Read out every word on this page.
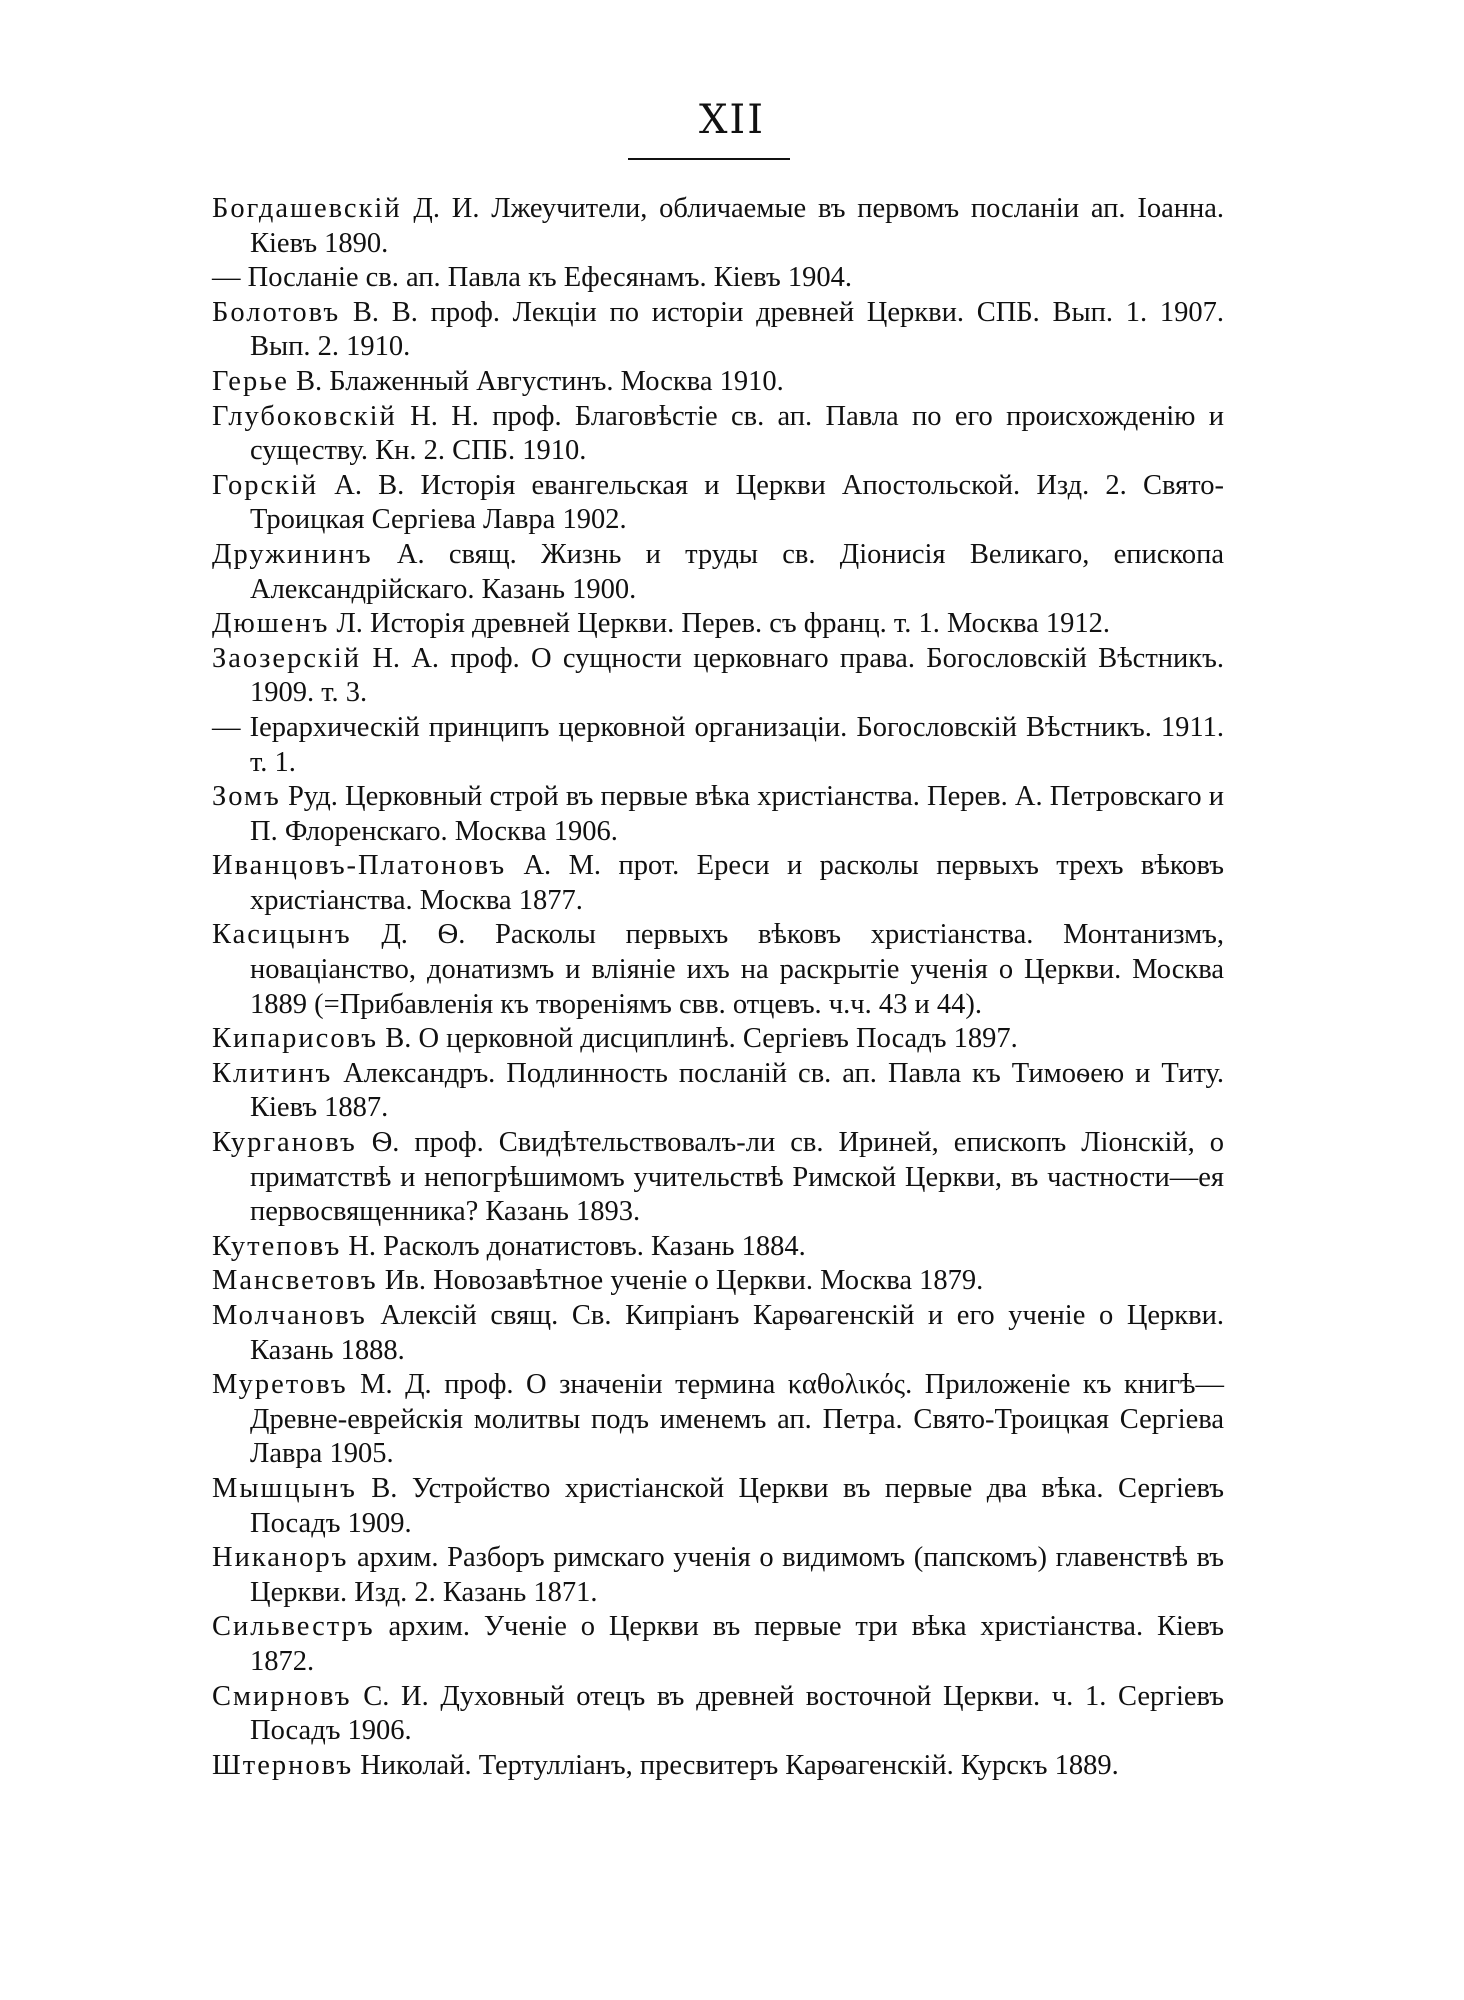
XII
Богдашевскій Д. И. Лжеучители, обличаемые въ первомъ посланіи ап. Іоанна. Кіевъ 1890.
— Посланіе св. ап. Павла къ Ефесянамъ. Кіевъ 1904.
Болотовъ В. В. проф. Лекціи по исторіи древней Церкви. СПБ. Вып. 1. 1907. Вып. 2. 1910.
Герье В. Блаженный Августинъ. Москва 1910.
Глубоковскій Н. Н. проф. Благовѣстіе св. ап. Павла по его происхожденію и существу. Кн. 2. СПБ. 1910.
Горскій А. В. Исторія евангельская и Церкви Апостольской. Изд. 2. Свято-Троицкая Сергіева Лавра 1902.
Дружининъ А. свящ. Жизнь и труды св. Діонисія Великаго, епископа Александрійскаго. Казань 1900.
Дюшенъ Л. Исторія древней Церкви. Перев. съ франц. т. 1. Москва 1912.
Заозерскій Н. А. проф. О сущности церковнаго права. Богословскій Вѣстникъ. 1909. т. 3.
— Іерархическій принципъ церковной организаціи. Богословскій Вѣстникъ. 1911. т. 1.
Зомъ Руд. Церковный строй въ первые вѣка христіанства. Перев. А. Петровскаго и П. Флоренскаго. Москва 1906.
Иванцовъ-Платоновъ А. М. прот. Ереси и расколы первыхъ трехъ вѣковъ христіанства. Москва 1877.
Касицынъ Д. Ѳ. Расколы первыхъ вѣковъ христіанства. Монтанизмъ, новаціанство, донатизмъ и вліяніе ихъ на раскрытіе ученія о Церкви. Москва 1889 (=Прибавленія къ твореніямъ свв. отцевъ. ч.ч. 43 и 44).
Кипарисовъ В. О церковной дисциплинѣ. Сергіевъ Посадъ 1897.
Клитинъ Александръ. Подлинность посланій св. ап. Павла къ Тимоѳею и Титу. Кіевъ 1887.
Кургановъ Ѳ. проф. Свидѣтельствовалъ-ли св. Ириней, епископъ Ліонскій, о приматствѣ и непогрѣшимомъ учительствѣ Римской Церкви, въ частности—ея первосвященника? Казань 1893.
Кутеповъ Н. Расколъ донатистовъ. Казань 1884.
Мансветовъ Ив. Новозавѣтное ученіе о Церкви. Москва 1879.
Молчановъ Алексій свящ. Св. Кипріанъ Карѳагенскій и его ученіе о Церкви. Казань 1888.
Муретовъ М. Д. проф. О значеніи термина καθολικός. Приложеніе къ книгѣ—Древне-еврейскія молитвы подъ именемъ ап. Петра. Свято-Троицкая Сергіева Лавра 1905.
Мышцынъ В. Устройство христіанской Церкви въ первые два вѣка. Сергіевъ Посадъ 1909.
Никаноръ архим. Разборъ римскаго ученія о видимомъ (папскомъ) главенствѣ въ Церкви. Изд. 2. Казань 1871.
Сильвестръ архим. Ученіе о Церкви въ первые три вѣка христіанства. Кіевъ 1872.
Смирновъ С. И. Духовный отецъ въ древней восточной Церкви. ч. 1. Сергіевъ Посадъ 1906.
Штерновъ Николай. Тертулліанъ, пресвитеръ Карѳагенскій. Курскъ 1889.
